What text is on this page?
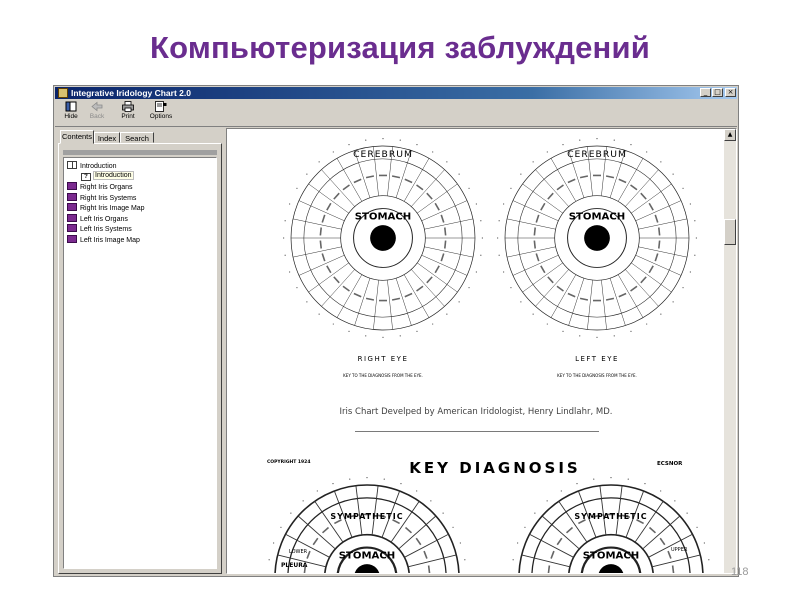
Компьютеризация заблуждений
Integrative Iridology Chart 2.0	_ □ ×
Hide	Back	Print	Options
Contents Index	Search
Introduction
? Introduction
Right Iris Organs
Right Iris Systems
Right Iris Image Map
Left Iris Organs
Left Iris Systems
Left Iris Image Map
STOMACH
CEREBRUM
STOMACH
CEREBRUM
RIGHT EYE	LEFT EYE
KEY TO THE DIAGNOSIS FROM THE EYE.	KEY TO THE DIAGNOSIS FROM THE EYE.
Iris Chart Develped by American Iridologist, Henry Lindlahr, MD.
STOMACH	STOMACH
KEY DIAGNOSIS
COPYRIGHT 1924	ECSNOR
SYMPATHETIC	SYMPATHETIC
PLEURA
LOWER	UPPER
▲
118
